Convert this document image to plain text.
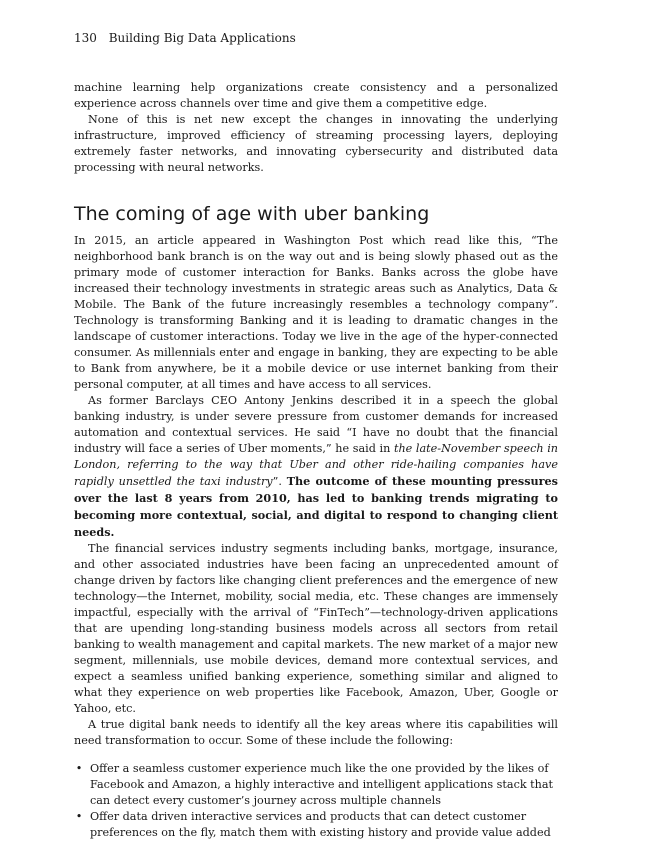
130 Building Big Data Applications

machine learning help organizations create consistency and a personalized experience across channels over time and give them a competitive edge.

None of this is net new except the changes in innovating the underlying infrastructure, improved efficiency of streaming processing layers, deploying extremely faster networks, and innovating cybersecurity and distributed data processing with neural networks.

The coming of age with uber banking

In 2015, an article appeared in Washington Post which read like this, “The neighborhood bank branch is on the way out and is being slowly phased out as the primary mode of customer interaction for Banks. Banks across the globe have increased their technology investments in strategic areas such as Analytics, Data & Mobile. The Bank of the future increasingly resembles a technology company”. Technology is transforming Banking and it is leading to dramatic changes in the landscape of customer interactions. Today we live in the age of the hyper-connected consumer. As millennials enter and engage in banking, they are expecting to be able to Bank from anywhere, be it a mobile device or use internet banking from their personal computer, at all times and have access to all services.

As former Barclays CEO Antony Jenkins described it in a speech the global banking industry, is under severe pressure from customer demands for increased automation and contextual services. He said “I have no doubt that the financial industry will face a series of Uber moments,” he said in the late-November speech in London, referring to the way that Uber and other ride-hailing companies have rapidly unsettled the taxi industry”. The outcome of these mounting pressures over the last 8 years from 2010, has led to banking trends migrating to becoming more contextual, social, and digital to respond to changing client needs.

The financial services industry segments including banks, mortgage, insurance, and other associated industries have been facing an unprecedented amount of change driven by factors like changing client preferences and the emergence of new technology—the Internet, mobility, social media, etc. These changes are immensely impactful, especially with the arrival of “FinTech”—technology-driven applications that are upending long-standing business models across all sectors from retail banking to wealth management and capital markets. The new market of a major new segment, millennials, use mobile devices, demand more contextual services, and expect a seamless unified banking experience, something similar and aligned to what they experience on web properties like Facebook, Amazon, Uber, Google or Yahoo, etc.

A true digital bank needs to identify all the key areas where itis capabilities will need transformation to occur. Some of these include the following:

• Offer a seamless customer experience much like the one provided by the likes of Facebook and Amazon, a highly interactive and intelligent applications stack that can detect every customer’s journey across multiple channels
• Offer data driven interactive services and products that can detect customer preferences on the fly, match them with existing history and provide value added
